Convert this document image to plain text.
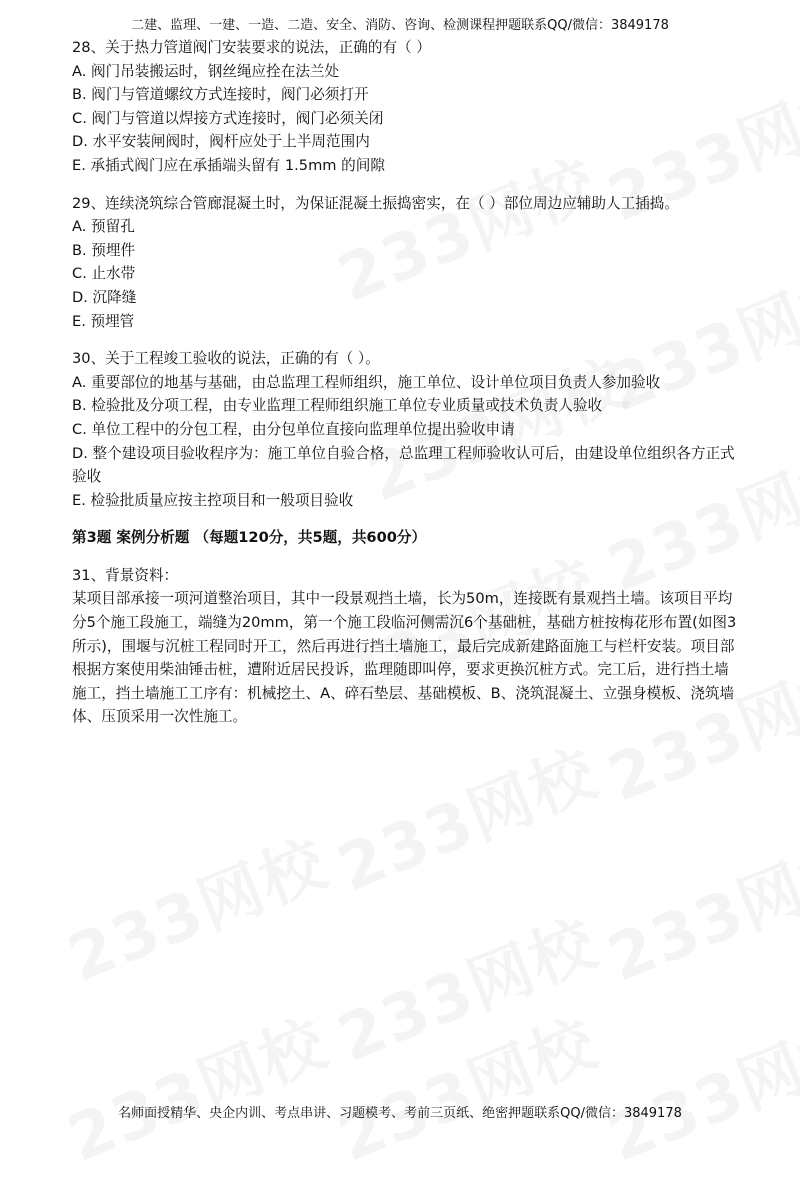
二建、监理、一建、一造、二造、安全、消防、咨询、检测课程押题联系QQ/微信：3849178

28、关于热力管道阀门安装要求的说法，正确的有（ ）

A. 阀门吊装搬运时，钢丝绳应拴在法兰处

B. 阀门与管道螺纹方式连接时，阀门必须打开

C. 阀门与管道以焊接方式连接时，阀门必须关闭

D. 水平安装闸阀时，阀杆应处于上半周范围内

E. 承插式阀门应在承插端头留有 1.5mm 的间隙

29、连续浇筑综合管廊混凝土时，为保证混凝土振捣密实，在（ ）部位周边应辅助人工插捣。

A. 预留孔

B. 预埋件

C. 止水带

D. 沉降缝

E. 预埋管

30、关于工程竣工验收的说法，正确的有（ ）。

A. 重要部位的地基与基础，由总监理工程师组织，施工单位、设计单位项目负责人参加验收

B. 检验批及分项工程，由专业监理工程师组织施工单位专业质量或技术负责人验收

C. 单位工程中的分包工程，由分包单位直接向监理单位提出验收申请

D. 整个建设项目验收程序为：施工单位自验合格，总监理工程师验收认可后，由建设单位组织各方正式验收

E. 检验批质量应按主控项目和一般项目验收

第3题 案例分析题 （每题120分，共5题，共600分）

31、背景资料：

某项目部承接一项河道整治项目，其中一段景观挡土墙，长为50m，连接既有景观挡土墙。该项目平均分5个施工段施工，端缝为20mm，第一个施工段临河侧需沉6个基础桩，基础方桩按梅花形布置(如图3所示)，围堰与沉桩工程同时开工，然后再进行挡土墙施工，最后完成新建路面施工与栏杆安装。项目部根据方案使用柴油锤击桩，遭附近居民投诉，监理随即叫停，要求更换沉桩方式。完工后，进行挡土墙施工，挡土墙施工工序有：机械挖土、A、碎石垫层、基础模板、B、浇筑混凝土、立强身模板、浇筑墙体、压顶采用一次性施工。

名师面授精华、央企内训、考点串讲、习题模考、考前三页纸、绝密押题联系QQ/微信：3849178
